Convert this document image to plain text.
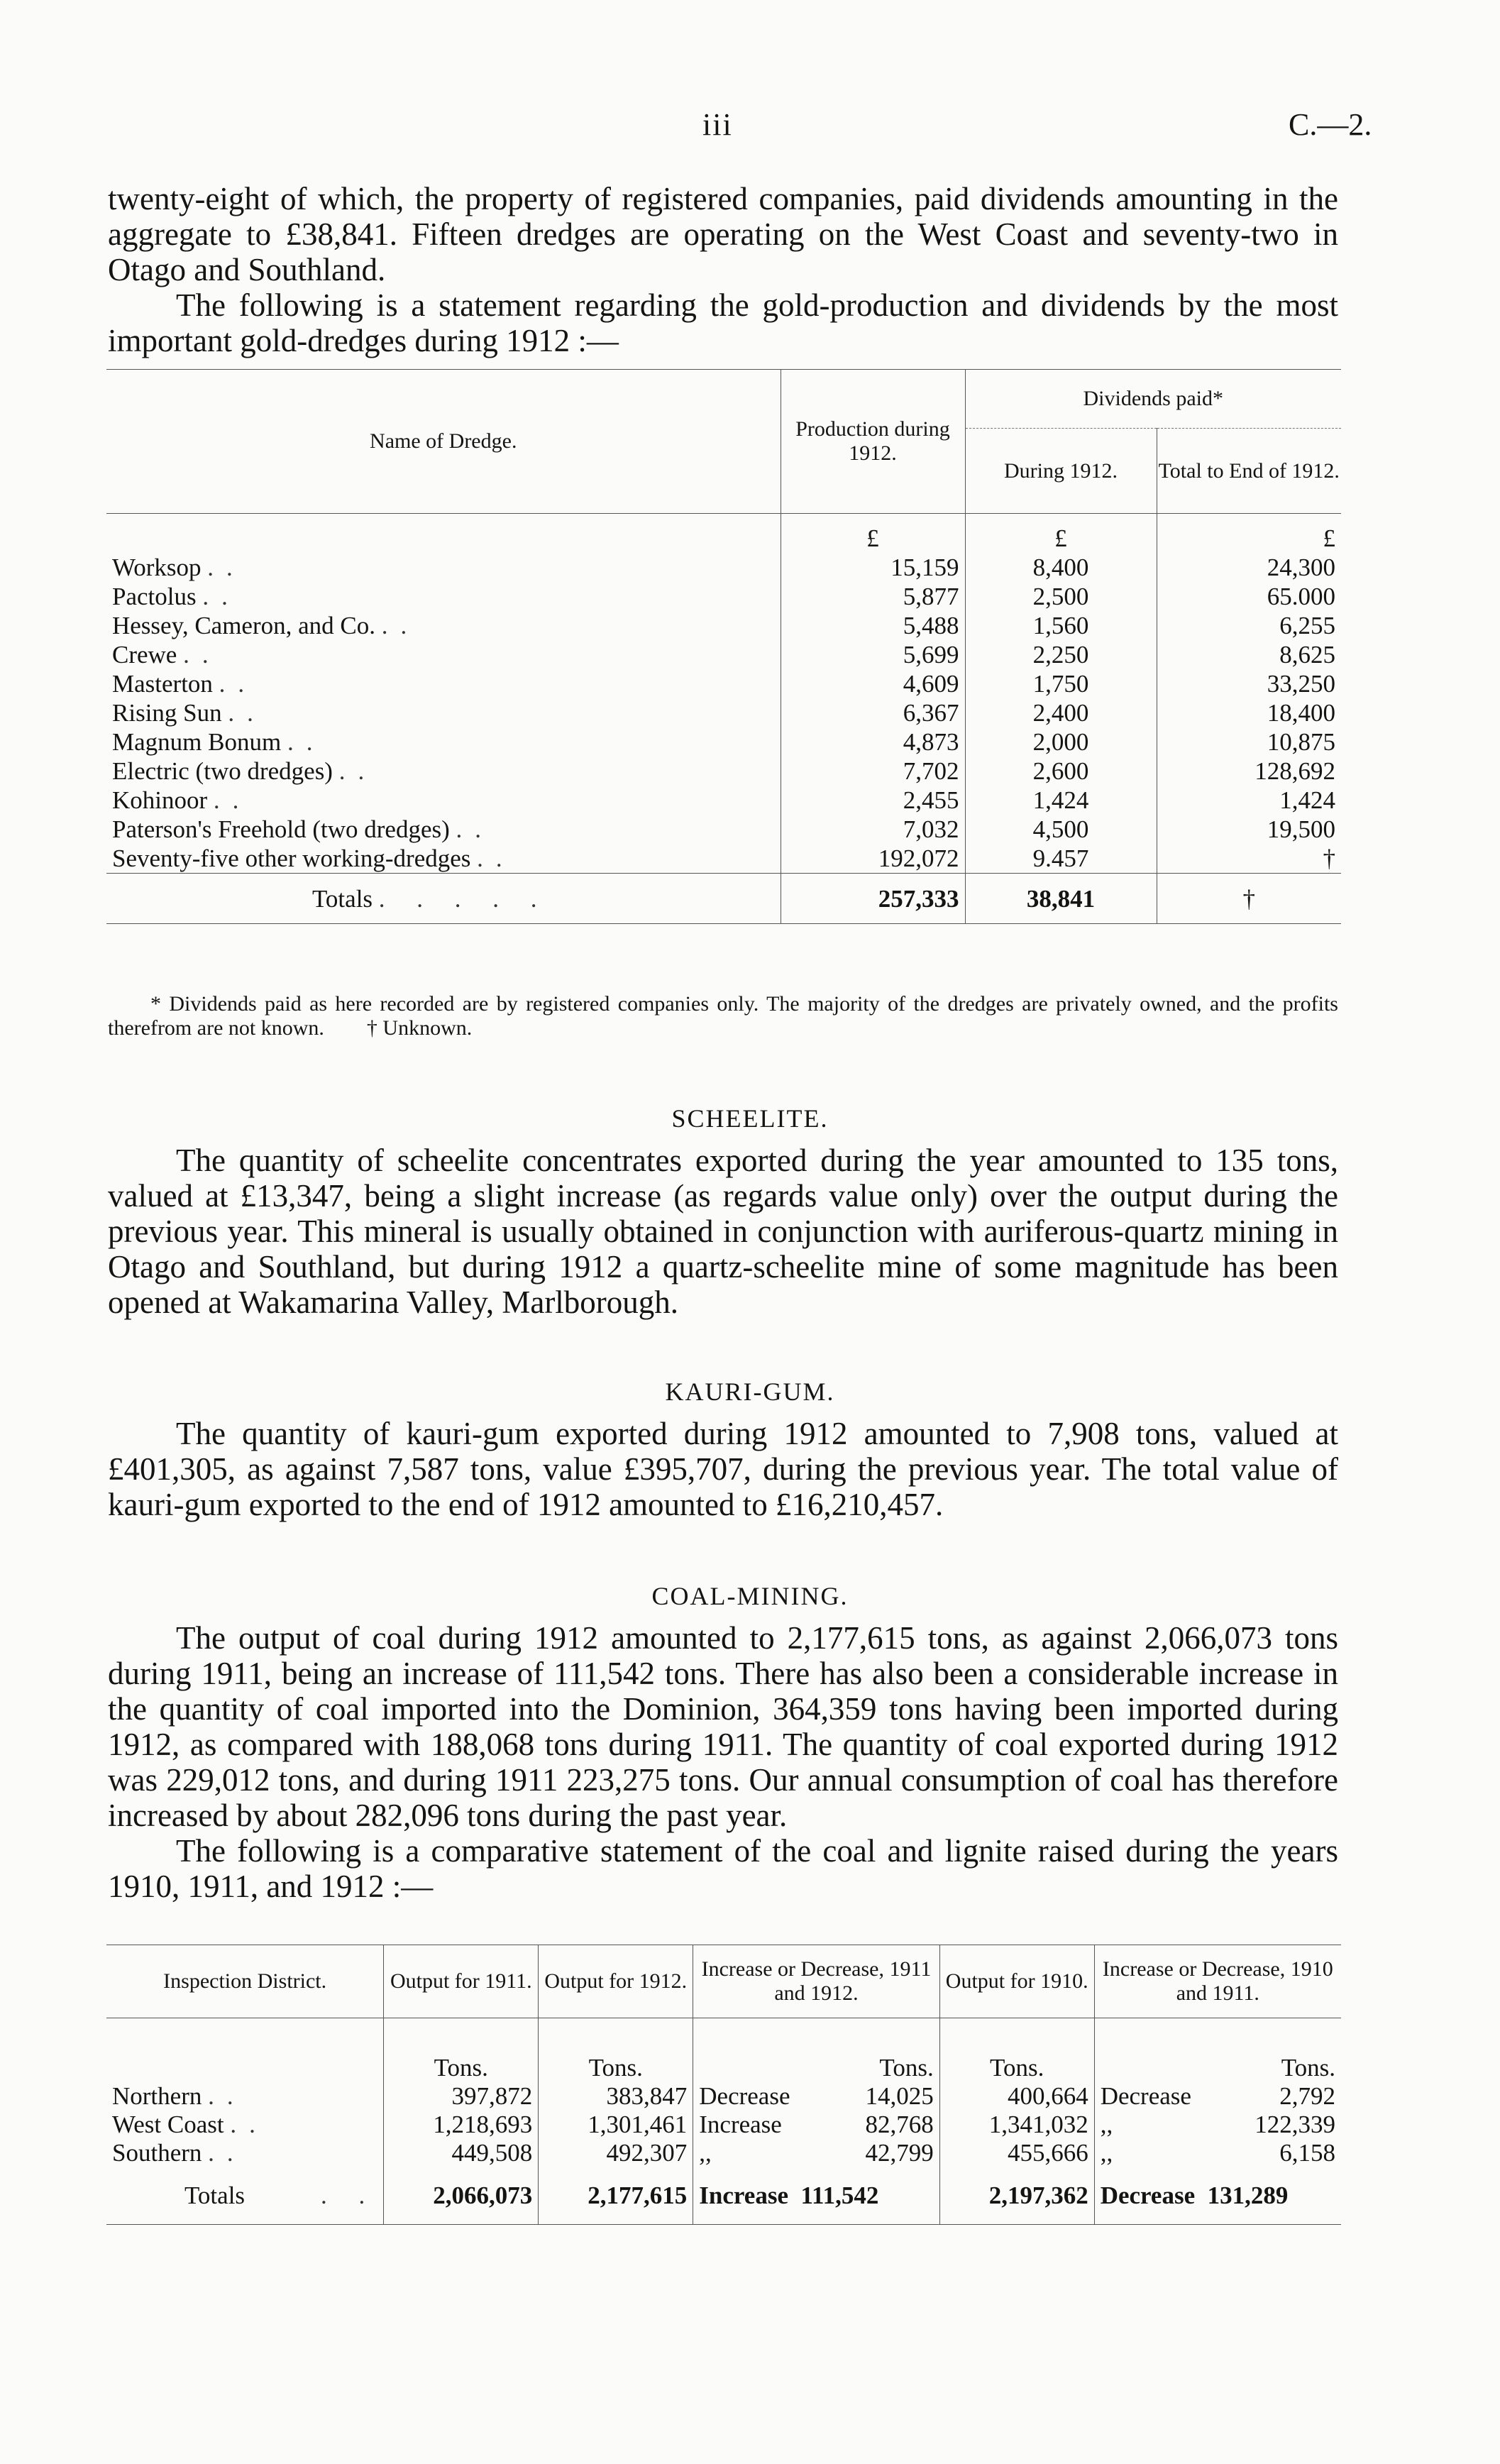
iii	C.—2.

twenty-eight of which, the property of registered companies, paid dividends amounting in the aggregate to £38,841. Fifteen dredges are operating on the West Coast and seventy-two in Otago and Southland.

The following is a statement regarding the gold-production and dividends by the most important gold-dredges during 1912 :—

Name of Dredge.	Production during 1912.	Dividends paid*	
		During 1912.	Total to End of 1912.
	£	£	£
Worksop ..	15,159	8,400	24,300
Pactolus ..	5,877	2,500	65.000
Hessey, Cameron, and Co. ..	5,488	1,560	6,255
Crewe ..	5,699	2,250	8,625
Masterton ..	4,609	1,750	33,250
Rising Sun ..	6,367	2,400	18,400
Magnum Bonum ..	4,873	2,000	10,875
Electric (two dredges) ..	7,702	2,600	128,692
Kohinoor ..	2,455	1,424	1,424
Paterson's Freehold (two dredges) ..	7,032	4,500	19,500
Seventy-five other working-dredges ..	192,072	9.457	†
Totals . . . . .	257,333	38,841	†

* Dividends paid as here recorded are by registered companies only. The majority of the dredges are privately owned, and the profits therefrom are not known. † Unknown.

SCHEELITE.

The quantity of scheelite concentrates exported during the year amounted to 135 tons, valued at £13,347, being a slight increase (as regards value only) over the output during the previous year. This mineral is usually obtained in conjunction with auriferous-quartz mining in Otago and Southland, but during 1912 a quartz-scheelite mine of some magnitude has been opened at Wakamarina Valley, Marlborough.

KAURI-GUM.

The quantity of kauri-gum exported during 1912 amounted to 7,908 tons, valued at £401,305, as against 7,587 tons, value £395,707, during the previous year. The total value of kauri-gum exported to the end of 1912 amounted to £16,210,457.

COAL-MINING.

The output of coal during 1912 amounted to 2,177,615 tons, as against 2,066,073 tons during 1911, being an increase of 111,542 tons. There has also been a considerable increase in the quantity of coal imported into the Dominion, 364,359 tons having been imported during 1912, as compared with 188,068 tons during 1911. The quantity of coal exported during 1912 was 229,012 tons, and during 1911 223,275 tons. Our annual consumption of coal has therefore increased by about 282,096 tons during the past year.

The following is a comparative statement of the coal and lignite raised during the years 1910, 1911, and 1912 :—

Inspection District.	Output for 1911.	Output for 1912.	Increase or Decrease, 1911 and 1912.	Output for 1910.	Increase or Decrease, 1910 and 1911.
	Tons.	Tons.	Tons.	Tons.	Tons.
Northern ..	397,872	383,847	Decrease 14,025	400,664	Decrease 2,792

West Coast ..	1,218,693	1,301,461	Increase 82,768	1,341,032	,, 122,339

Southern ..	449,508	492,307	,, 42,799	455,666	,, 6,158

Totals    . .	2,066,073	2,177,615	Increase 111,542	2,197,362	Decrease 131,289
